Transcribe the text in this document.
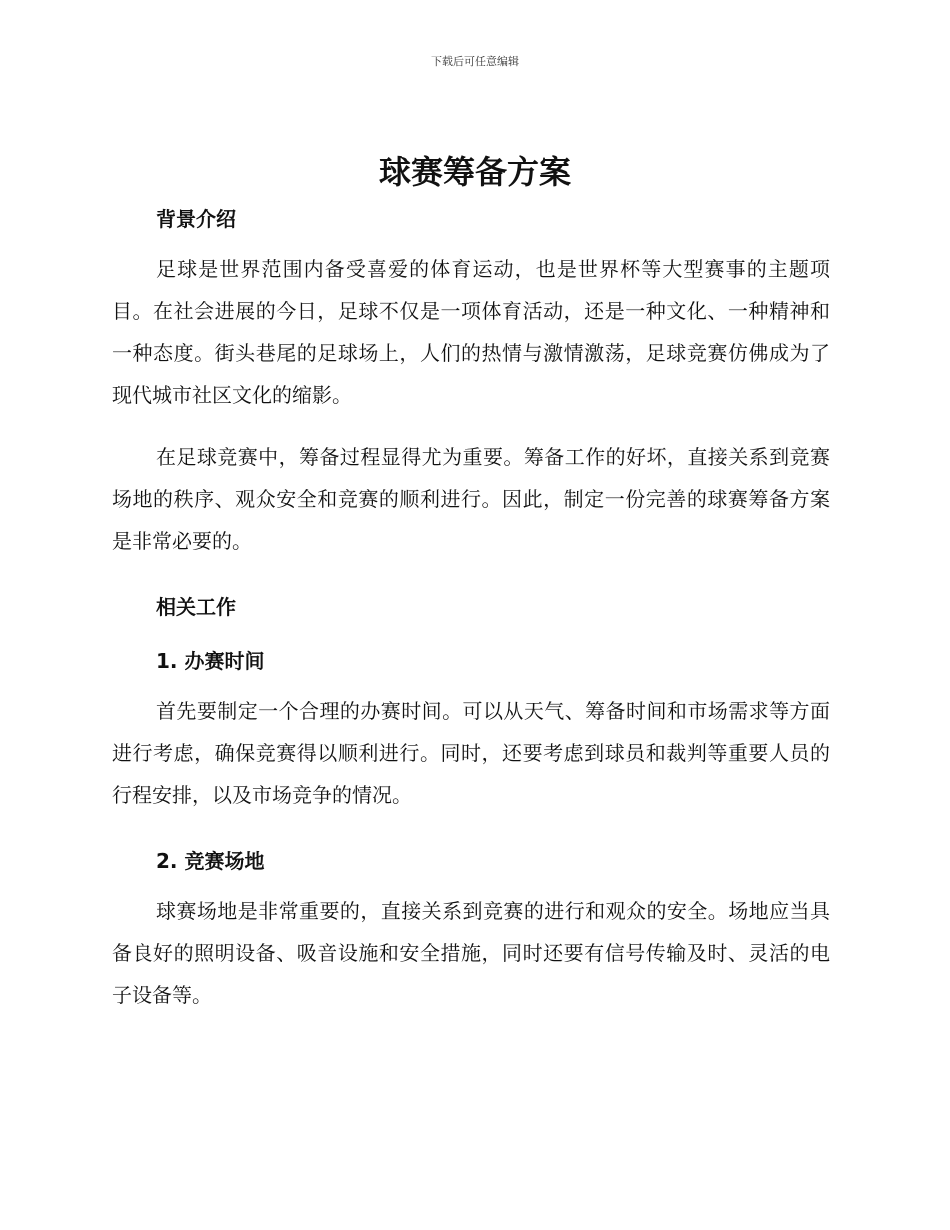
下载后可任意编辑
球赛筹备方案
背景介绍

足球是世界范围内备受喜爱的体育运动，也是世界杯等大型赛事的主题项目。在社会进展的今日，足球不仅是一项体育活动，还是一种文化、一种精神和一种态度。街头巷尾的足球场上，人们的热情与激情激荡，足球竞赛仿佛成为了现代城市社区文化的缩影。

在足球竞赛中，筹备过程显得尤为重要。筹备工作的好坏，直接关系到竞赛场地的秩序、观众安全和竞赛的顺利进行。因此，制定一份完善的球赛筹备方案是非常必要的。

相关工作
1. 办赛时间

首先要制定一个合理的办赛时间。可以从天气、筹备时间和市场需求等方面进行考虑，确保竞赛得以顺利进行。同时，还要考虑到球员和裁判等重要人员的行程安排，以及市场竞争的情况。

2. 竞赛场地

球赛场地是非常重要的，直接关系到竞赛的进行和观众的安全。场地应当具备良好的照明设备、吸音设施和安全措施，同时还要有信号传输及时、灵活的电子设备等。
